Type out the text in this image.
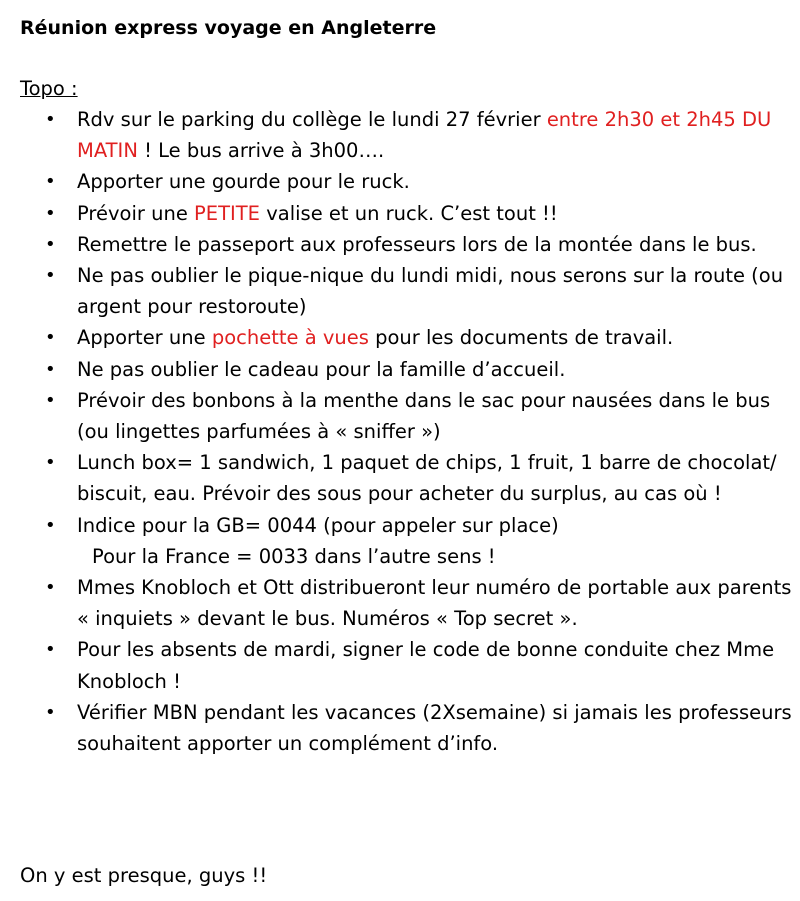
Réunion express voyage en Angleterre
Topo :
• Rdv sur le parking du collège le lundi 27 février entre 2h30 et 2h45 DU MATIN ! Le bus arrive à 3h00….
• Apporter une gourde pour le ruck.
• Prévoir une PETITE valise et un ruck. C’est tout !!
• Remettre le passeport aux professeurs lors de la montée dans le bus.
• Ne pas oublier le pique-nique du lundi midi, nous serons sur la route (ou argent pour restoroute)
• Apporter une pochette à vues pour les documents de travail.
• Ne pas oublier le cadeau pour la famille d’accueil.
• Prévoir des bonbons à la menthe dans le sac pour nausées dans le bus (ou lingettes parfumées à « sniffer »)
• Lunch box= 1 sandwich, 1 paquet de chips, 1 fruit, 1 barre de chocolat/ biscuit, eau. Prévoir des sous pour acheter du surplus, au cas où !
• Indice pour la GB= 0044 (pour appeler sur place)
Pour la France = 0033 dans l’autre sens !
• Mmes Knobloch et Ott distribueront leur numéro de portable aux parents « inquiets » devant le bus. Numéros « Top secret ».
• Pour les absents de mardi, signer le code de bonne conduite chez Mme Knobloch !
• Vérifier MBN pendant les vacances (2Xsemaine) si jamais les professeurs souhaitent apporter un complément d’info.
On y est presque, guys !!
